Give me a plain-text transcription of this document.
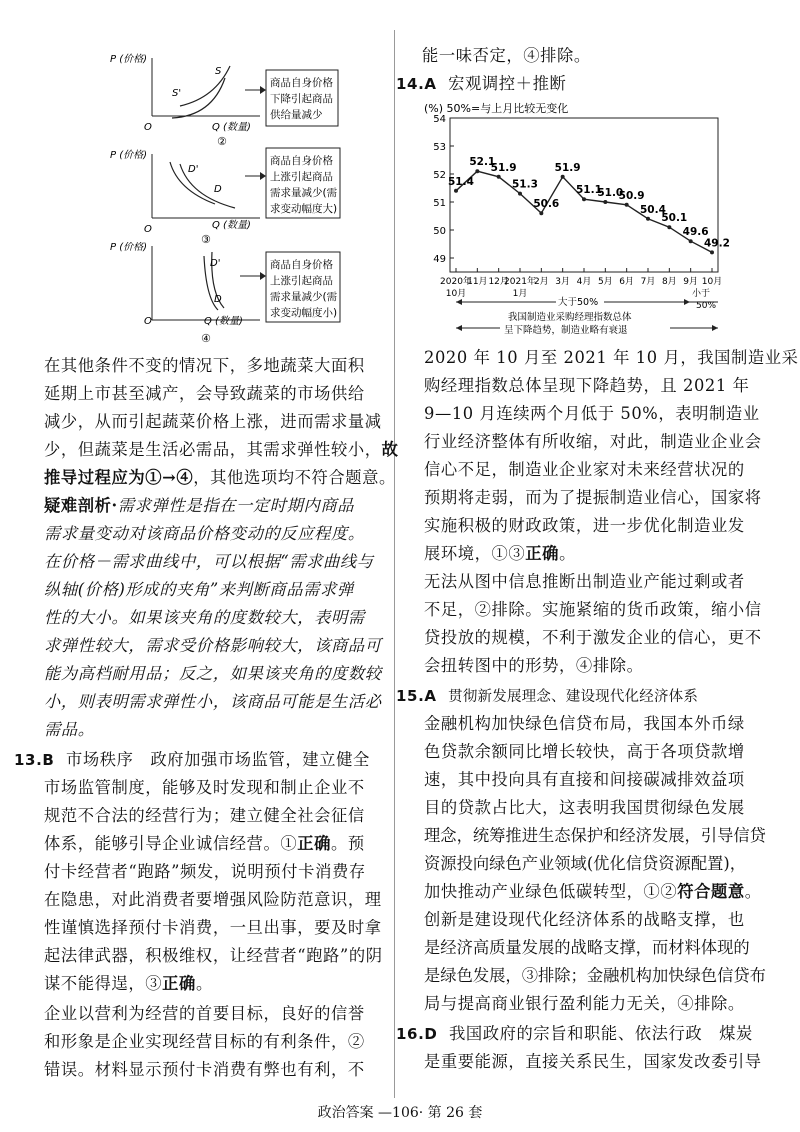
P (价格)
S
S'
商品自身价格
下降引起商品
供给量减少
O	Q (数量)
②
P (价格)
D'
D
商品自身价格
上涨引起商品
需求量减少(需
求变动幅度大)
O	Q (数量)
③
P (价格)
D'
D
商品自身价格
上涨引起商品
需求量减少(需
求变动幅度小)
O	Q (数量)
④
在其他条件不变的情况下，多地蔬菜大面积
延期上市甚至减产，会导致蔬菜的市场供给
减少，从而引起蔬菜价格上涨，进而需求量减
少，但蔬菜是生活必需品，其需求弹性较小，故
推导过程应为①→④，其他选项均不符合题意。
疑难剖析·需求弹性是指在一定时期内商品
需求量变动对该商品价格变动的反应程度。
在价格－需求曲线中，可以根据“需求曲线与
纵轴(价格)形成的夹角”来判断商品需求弹
性的大小。如果该夹角的度数较大，表明需
求弹性较大，需求受价格影响较大，该商品可
能为高档耐用品；反之，如果该夹角的度数较
小，则表明需求弹性小，该商品可能是生活必
需品。
13.B 市场秩序　政府加强市场监管，建立健全
市场监管制度，能够及时发现和制止企业不
规范不合法的经营行为；建立健全社会征信
体系，能够引导企业诚信经营。①正确。预
付卡经营者“跑路”频发，说明预付卡消费存
在隐患，对此消费者要增强风险防范意识，理
性谨慎选择预付卡消费，一旦出事，要及时拿
起法律武器，积极维权，让经营者“跑路”的阴
谋不能得逞，③正确。
企业以营利为经营的首要目标，良好的信誉
和形象是企业实现经营目标的有利条件，②
错误。材料显示预付卡消费有弊也有利，不
能一味否定，④排除。
14.A 宏观调控＋推断
(%) 50%=与上月比较无变化
49
50
51
52
53
54
51.4
52.1
51.9
51.3
50.6
51.9
51.1
51.0
50.9
50.4
50.1
49.6
49.2
2020年
11月 12月
2021年
2月 3月 4月 5月 6月 7月 8月 9月 10月
10月	1月
大于50%
小于
50%
我国制造业采购经理指数总体
呈下降趋势，制造业略有衰退
2020 年 10 月至 2021 年 10 月，我国制造业采
购经理指数总体呈现下降趋势，且 2021 年
9—10 月连续两个月低于 50%，表明制造业
行业经济整体有所收缩，对此，制造业企业会
信心不足，制造业企业家对未来经营状况的
预期将走弱，而为了提振制造业信心，国家将
实施积极的财政政策，进一步优化制造业发
展环境，①③正确。
无法从图中信息推断出制造业产能过剩或者
不足，②排除。实施紧缩的货币政策，缩小信
贷投放的规模，不利于激发企业的信心，更不
会扭转图中的形势，④排除。
15.A 贯彻新发展理念、建设现代化经济体系
金融机构加快绿色信贷布局，我国本外币绿
色贷款余额同比增长较快，高于各项贷款增
速，其中投向具有直接和间接碳减排效益项
目的贷款占比大，这表明我国贯彻绿色发展
理念，统筹推进生态保护和经济发展，引导信贷
资源投向绿色产业领域(优化信贷资源配置)，
加快推动产业绿色低碳转型，①②符合题意。
创新是建设现代化经济体系的战略支撑，也
是经济高质量发展的战略支撑，而材料体现的
是绿色发展，③排除；金融机构加快绿色信贷布
局与提高商业银行盈利能力无关，④排除。
16.D 我国政府的宗旨和职能、依法行政　煤炭
是重要能源，直接关系民生，国家发改委引导
政治答案 —106· 第 26 套
